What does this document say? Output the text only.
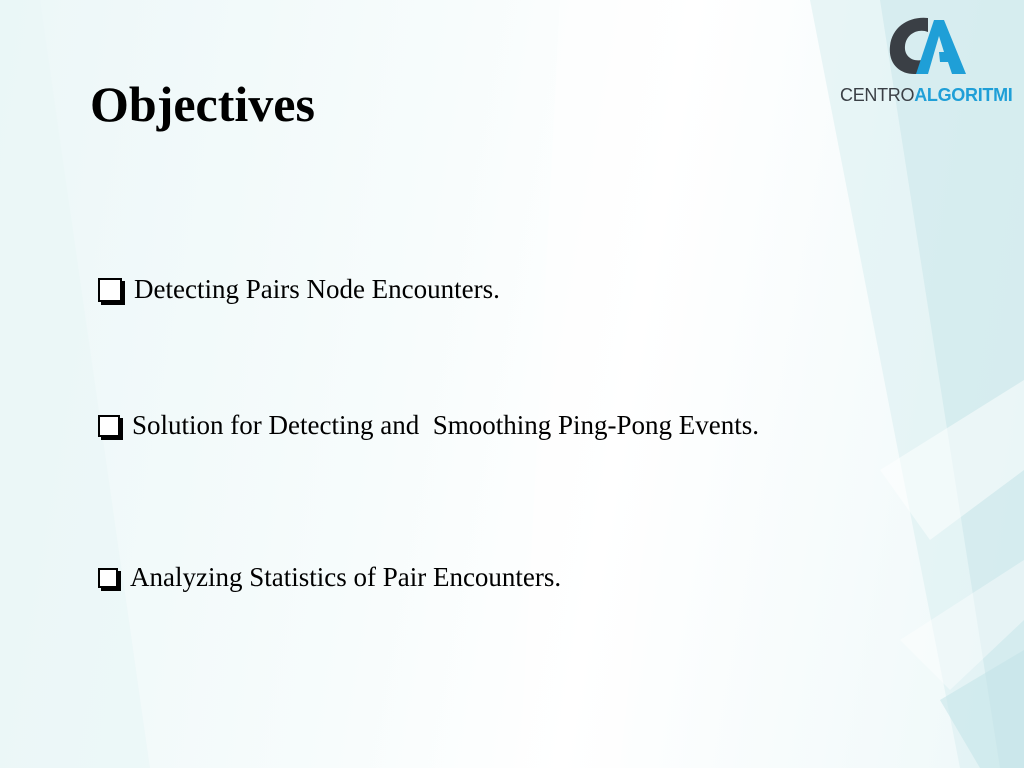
Objectives
Detecting Pairs Node Encounters.
Solution for Detecting and  Smoothing Ping-Pong Events.
Analyzing Statistics of Pair Encounters.
CENTROALGORITMI
